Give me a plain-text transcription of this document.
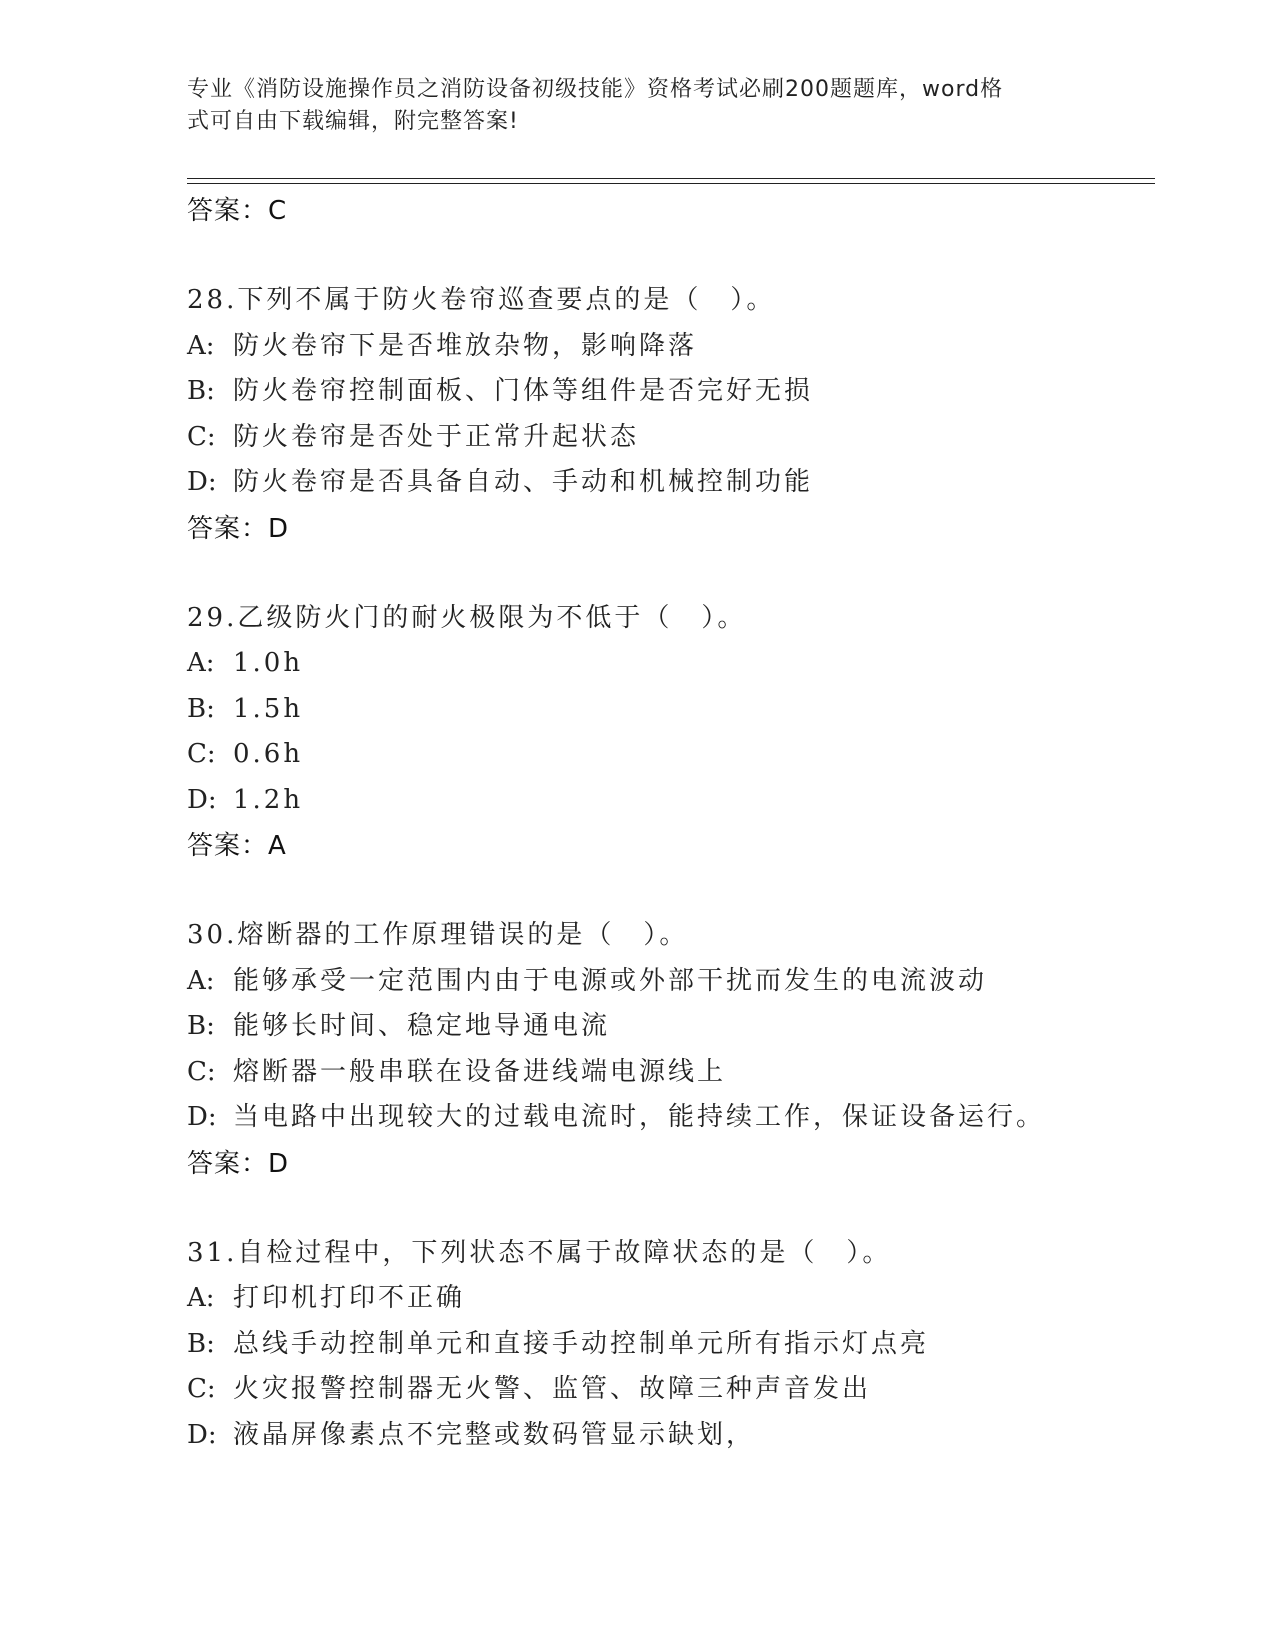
专业《消防设施操作员之消防设备初级技能》资格考试必刷200题题库，word格
式可自由下载编辑，附完整答案!
答案：C
28.下列不属于防火卷帘巡查要点的是（　）。
A: 防火卷帘下是否堆放杂物，影响降落
B: 防火卷帘控制面板、门体等组件是否完好无损
C: 防火卷帘是否处于正常升起状态
D: 防火卷帘是否具备自动、手动和机械控制功能
答案：D
29.乙级防火门的耐火极限为不低于（　）。
A: 1.0h
B: 1.5h
C: 0.6h
D: 1.2h
答案：A
30.熔断器的工作原理错误的是（　）。
A: 能够承受一定范围内由于电源或外部干扰而发生的电流波动
B: 能够长时间、稳定地导通电流
C: 熔断器一般串联在设备进线端电源线上
D: 当电路中出现较大的过载电流时，能持续工作，保证设备运行。
答案：D
31.自检过程中，下列状态不属于故障状态的是（　）。
A: 打印机打印不正确
B: 总线手动控制单元和直接手动控制单元所有指示灯点亮
C: 火灾报警控制器无火警、监管、故障三种声音发出
D: 液晶屏像素点不完整或数码管显示缺划，
